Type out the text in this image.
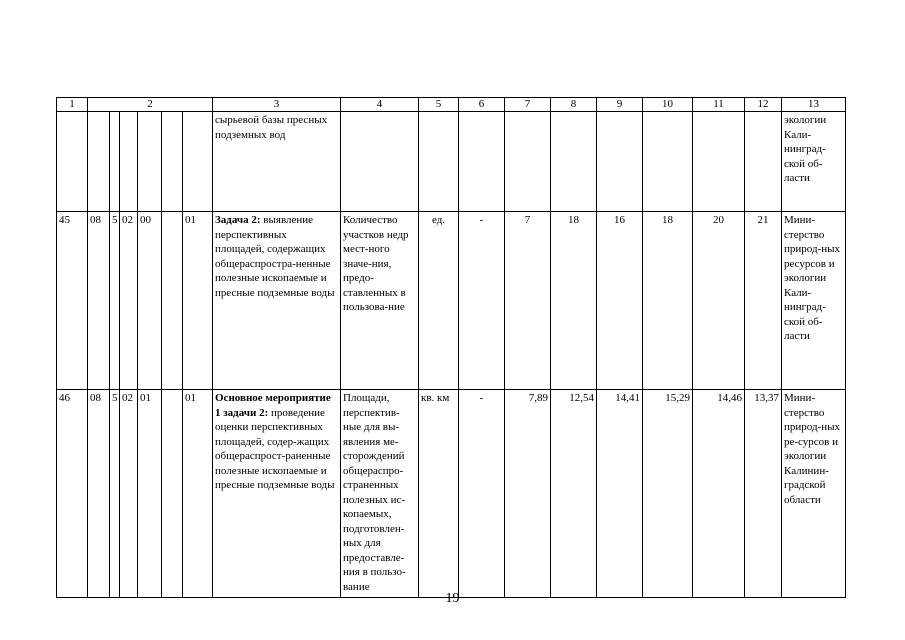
1	2						3	4	5	6	7	8	9	10	11	12	13
							сырьевой базы пресных подземных вод										экологии Кали-нинград-ской об-ласти
45	08	5	02	00		01	Задача 2: выявление перспективных площадей, содержащих общераспростра-ненные полезные ископаемые и пресные подземные воды	Количество участков недр мест-ного значе-ния, предо-ставленных в пользова-ние	ед.	-	7	18	16	18	20	21	Мини-стерство природ-ных ресурсов и экологии Кали-нинград-ской об-ласти
46	08	5	02	01		01	Основное мероприятие 1 задачи 2: проведение оценки перспективных площадей, содер-жащих общераспрост-раненные полезные ископаемые и пресные подземные воды	Площади, перспектив-ные для вы-явления ме-сторождений общераспро-страненных полезных ис-копаемых, подготовлен-ных для предоставле-ния в пользо-вание	кв. км	-	7,89	12,54	14,41	15,29	14,46	13,37	Мини-стерство природ-ных ре-сурсов и экологии Калинин-градской области
19
